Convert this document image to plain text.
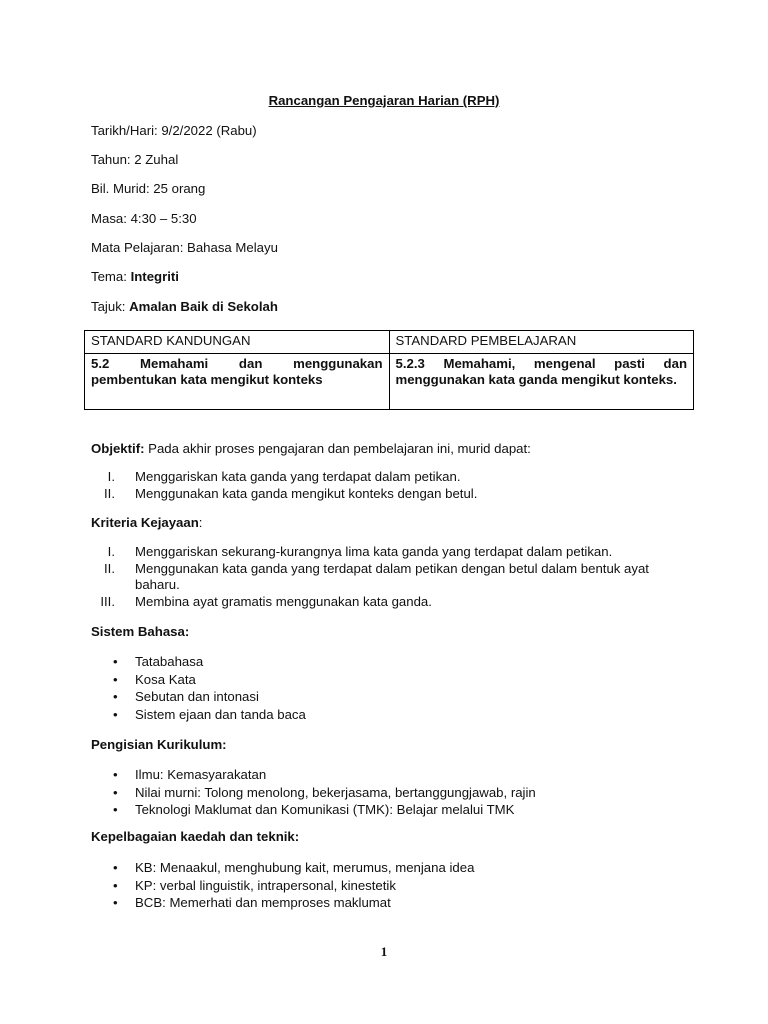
Rancangan Pengajaran Harian (RPH)
Tarikh/Hari: 9/2/2022 (Rabu)
Tahun: 2 Zuhal
Bil. Murid: 25 orang
Masa: 4:30 – 5:30
Mata Pelajaran: Bahasa Melayu
Tema: Integriti
Tajuk: Amalan Baik di Sekolah
STANDARD KANDUNGAN	STANDARD PEMBELAJARAN
5.2 Memahami dan menggunakan pembentukan kata mengikut konteks	5.2.3 Memahami, mengenal pasti dan menggunakan kata ganda mengikut konteks.
Objektif: Pada akhir proses pengajaran dan pembelajaran ini, murid dapat:
I. Menggariskan kata ganda yang terdapat dalam petikan.
II. Menggunakan kata ganda mengikut konteks dengan betul.
Kriteria Kejayaan:
I. Menggariskan sekurang-kurangnya lima kata ganda yang terdapat dalam petikan.
II. Menggunakan kata ganda yang terdapat dalam petikan dengan betul dalam bentuk ayat baharu.
III. Membina ayat gramatis menggunakan kata ganda.
Sistem Bahasa:
• Tatabahasa
• Kosa Kata
• Sebutan dan intonasi
• Sistem ejaan dan tanda baca
Pengisian Kurikulum:
• Ilmu: Kemasyarakatan
• Nilai murni: Tolong menolong, bekerjasama, bertanggungjawab, rajin
• Teknologi Maklumat dan Komunikasi (TMK): Belajar melalui TMK
Kepelbagaian kaedah dan teknik:
• KB: Menaakul, menghubung kait, merumus, menjana idea
• KP: verbal linguistik, intrapersonal, kinestetik
• BCB: Memerhati dan memproses maklumat
1
